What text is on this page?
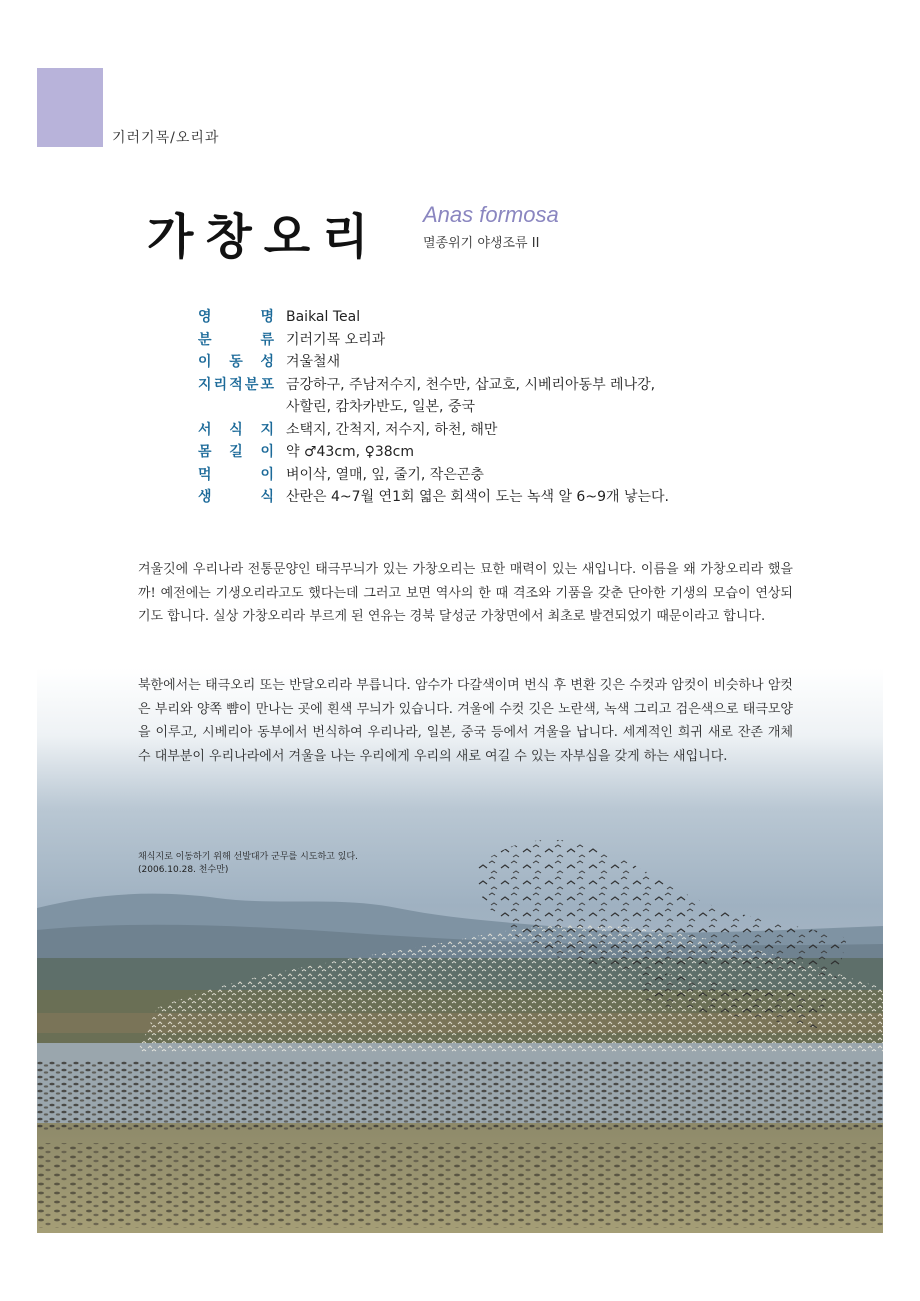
기러기목/오리과
가창오리 Anas formosa
멸종위기 야생조류 II
영	명 Baikal Teal
분	류 기러기목 오리과
이 동 성 겨울철새
지 리 적 분 포 금강하구, 주남저수지, 천수만, 삽교호, 시베리아동부 레나강,
사할린, 캄차카반도, 일본, 중국
서 식 지 소택지, 간척지, 저수지, 하천, 해만
몸 길 이 약 ♂43cm, ♀38cm
먹	이 벼이삭, 열매, 잎, 줄기, 작은곤충
생	식 산란은 4~7월 연1회 엷은 회색이 도는 녹색 알 6~9개 낳는다.

겨울깃에 우리나라 전통문양인 태극무늬가 있는 가창오리는 묘한 매력이 있는 새입니다. 이름을 왜 가창오리라 했을까! 예전에는 기생오리라고도 했다는데 그러고 보면 역사의 한 때 격조와 기품을 갖춘 단아한 기생의 모습이 연상되기도 합니다. 실상 가창오리라 부르게 된 연유는 경북 달성군 가창면에서 최초로 발견되었기 때문이라고 합니다.

북한에서는 태극오리 또는 반달오리라 부릅니다. 암수가 다갈색이며 번식 후 변환 깃은 수컷과 암컷이 비슷하나 암컷은 부리와 양쪽 뺨이 만나는 곳에 흰색 무늬가 있습니다. 겨울에 수컷 깃은 노란색, 녹색 그리고 검은색으로 태극모양을 이루고, 시베리아 동부에서 번식하여 우리나라, 일본, 중국 등에서 겨울을 납니다. 세계적인 희귀 새로 잔존 개체수 대부분이 우리나라에서 겨울을 나는 우리에게 우리의 새로 여길 수 있는 자부심을 갖게 하는 새입니다.

채식지로 이동하기 위해 선발대가 군무를 시도하고 있다.
(2006.10.28. 천수만)
